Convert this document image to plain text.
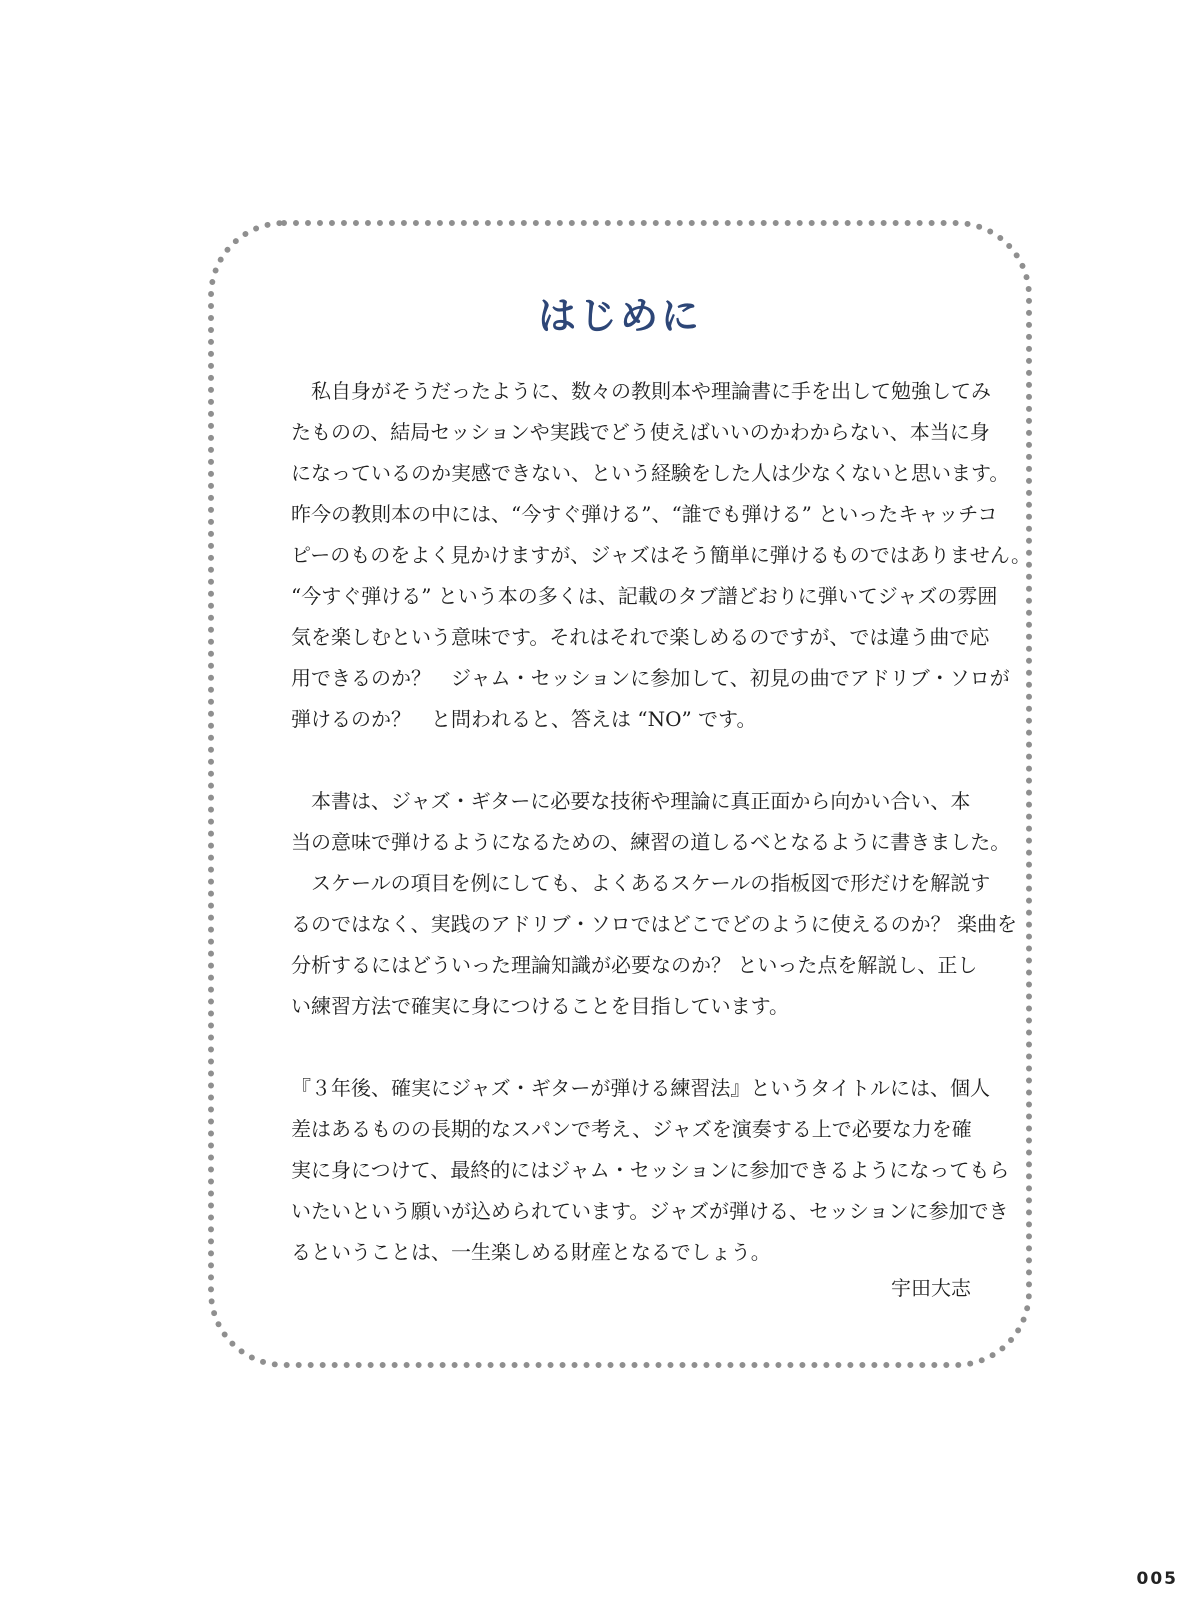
はじめに
　私自身がそうだったように、数々の教則本や理論書に手を出して勉強してみ
たものの、結局セッションや実践でどう使えばいいのかわからない、本当に身
になっているのか実感できない、という経験をした人は少なくないと思います。
昨今の教則本の中には、“今すぐ弾ける”、“誰でも弾ける” といったキャッチコ
ピーのものをよく見かけますが、ジャズはそう簡単に弾けるものではありません。
“今すぐ弾ける” という本の多くは、記載のタブ譜どおりに弾いてジャズの雰囲
気を楽しむという意味です。それはそれで楽しめるのですが、では違う曲で応
用できるのか？　ジャム・セッションに参加して、初見の曲でアドリブ・ソロが
弾けるのか？　と問われると、答えは “NO” です。
　本書は、ジャズ・ギターに必要な技術や理論に真正面から向かい合い、本
当の意味で弾けるようになるための、練習の道しるべとなるように書きました。
　スケールの項目を例にしても、よくあるスケールの指板図で形だけを解説す
るのではなく、実践のアドリブ・ソロではどこでどのように使えるのか？ 楽曲を
分析するにはどういった理論知識が必要なのか？ といった点を解説し、正し
い練習方法で確実に身につけることを目指しています。
『３年後、確実にジャズ・ギターが弾ける練習法』というタイトルには、個人
差はあるものの長期的なスパンで考え、ジャズを演奏する上で必要な力を確
実に身につけて、最終的にはジャム・セッションに参加できるようになってもら
いたいという願いが込められています。ジャズが弾ける、セッションに参加でき
るということは、一生楽しめる財産となるでしょう。
宇田大志
005
